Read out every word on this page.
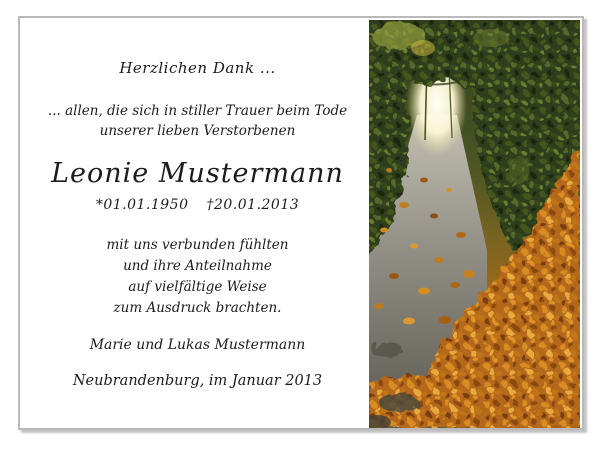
Herzlichen Dank ...
... allen, die sich in stiller Trauer beim Tode
unserer lieben Verstorbenen
Leonie Mustermann
*01.01.1950 †20.01.2013
mit uns verbunden fühlten
und ihre Anteilnahme
auf vielfältige Weise
zum Ausdruck brachten.
Marie und Lukas Mustermann
Neubrandenburg, im Januar 2013
